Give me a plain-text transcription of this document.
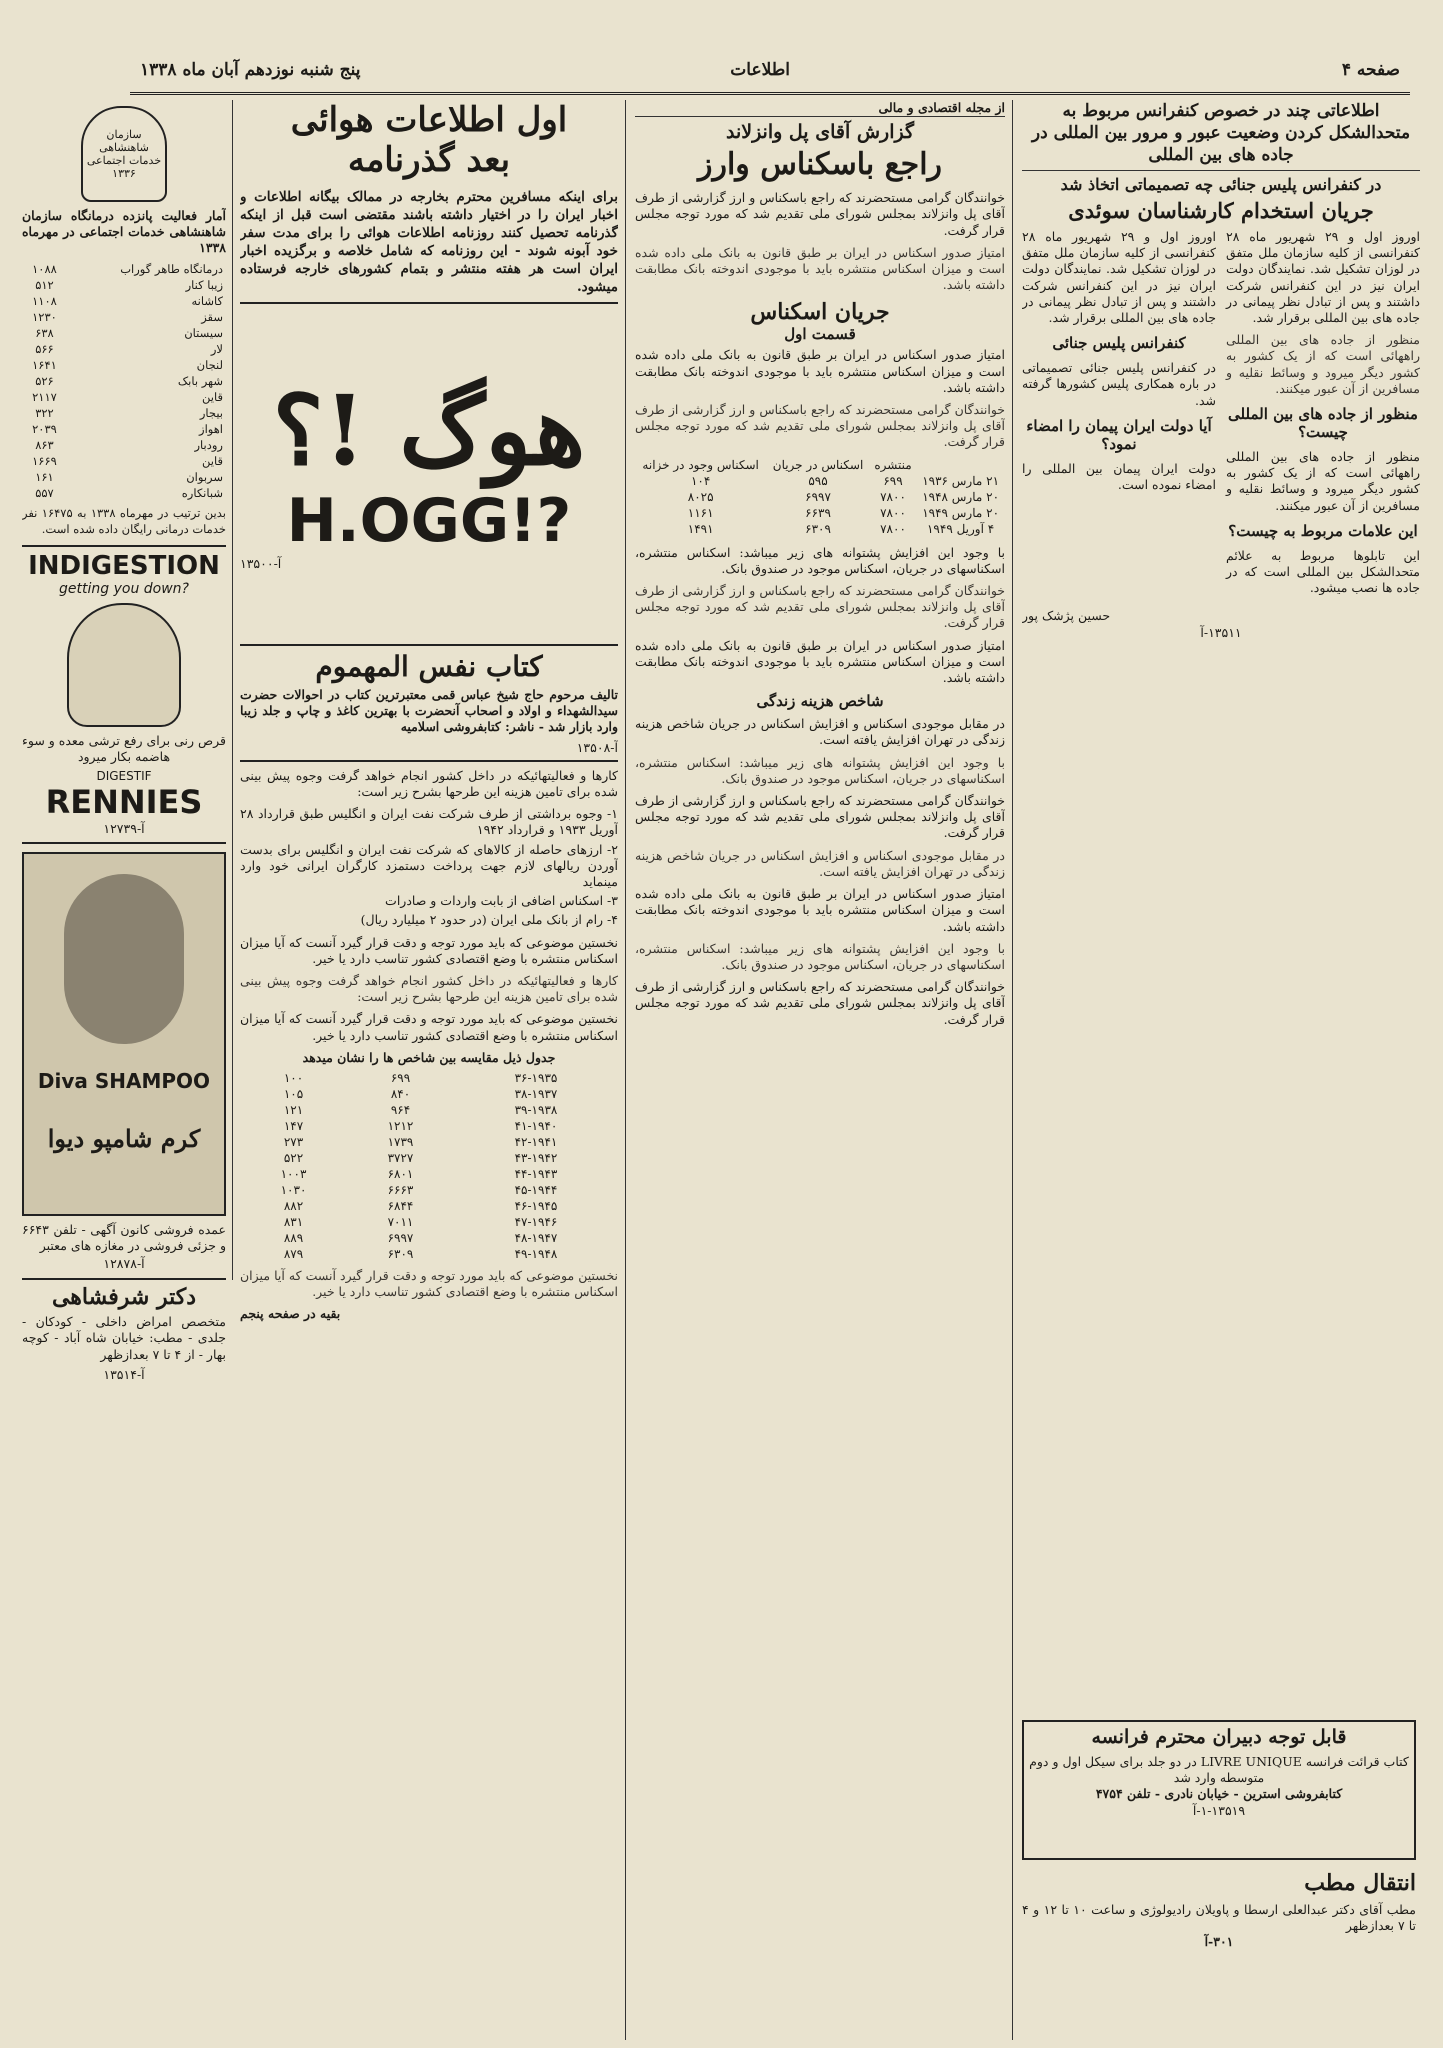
صفحه ۴
اطلاعات
پنج شنبه نوزدهم آبان ماه ۱۳۳۸
اطلاعاتی چند در خصوص کنفرانس مربوط به متحدالشکل کردن وضعیت عبور و مرور بین المللی در جاده های بین المللی
در کنفرانس پلیس جنائی چه تصمیماتی اتخاذ شد
جریان استخدام کارشناسان سوئدی

اوروز اول و ۲۹ شهریور ماه ۲۸ کنفرانسی از کلیه سازمان ملل متفق در لوزان تشکیل شد. نمایندگان دولت ایران نیز در این کنفرانس شرکت داشتند و پس از تبادل نظر پیمانی در جاده های بین المللی برقرار شد.

منظور از جاده های بین المللی راههائی است که از یک کشور به کشور دیگر میرود و وسائط نقلیه و مسافرین از آن عبور میکنند.

منظور از جاده های بین المللی چیست؟

منظور از جاده های بین المللی راههائی است که از یک کشور به کشور دیگر میرود و وسائط نقلیه و مسافرین از آن عبور میکنند.

این علامات مربوط به چیست؟

این تابلوها مربوط به علائم متحدالشکل بین المللی است که در جاده ها نصب میشود.

اوروز اول و ۲۹ شهریور ماه ۲۸ کنفرانسی از کلیه سازمان ملل متفق در لوزان تشکیل شد. نمایندگان دولت ایران نیز در این کنفرانس شرکت داشتند و پس از تبادل نظر پیمانی در جاده های بین المللی برقرار شد.

کنفرانس پلیس جنائی

در کنفرانس پلیس جنائی تصمیماتی در باره همکاری پلیس کشورها گرفته شد.

آیا دولت ایران پیمان را امضاء نمود؟

دولت ایران پیمان بین المللی را امضاء نموده است.

حسین پژشک پور
۱۳۵۱۱-آ
قابل توجه دبیران محترم فرانسه
کتاب قرائت فرانسه LIVRE UNIQUE در دو جلد برای سیکل اول و دوم متوسطه وارد شد
کتابفروشی استرین - خیابان نادری - تلفن ۴۷۵۴
۱-۱۳۵۱۹-آ
انتقال مطب
مطب آقای دکتر عبدالعلی ارسطا و پاویلان رادیولوژی و ساعت ۱۰ تا ۱۲ و ۴ تا ۷ بعدازظهر
۳۰۱-آ
از مجله اقتصادی و مالی
گزارش آقای پل وانزلاند
راجع باسکناس وارز

خوانندگان گرامی مستحضرند که راجع باسکناس و ارز گزارشی از طرف آقای پل وانزلاند بمجلس شورای ملی تقدیم شد که مورد توجه مجلس قرار گرفت.

امتیاز صدور اسکناس در ایران بر طبق قانون به بانک ملی داده شده است و میزان اسکناس منتشره باید با موجودی اندوخته بانک مطابقت داشته باشد.

جریان اسکناس
قسمت اول

امتیاز صدور اسکناس در ایران بر طبق قانون به بانک ملی داده شده است و میزان اسکناس منتشره باید با موجودی اندوخته بانک مطابقت داشته باشد.

خوانندگان گرامی مستحضرند که راجع باسکناس و ارز گزارشی از طرف آقای پل وانزلاند بمجلس شورای ملی تقدیم شد که مورد توجه مجلس قرار گرفت.

	منتشره	اسکناس در جریان	اسکناس وجود در خزانه
۲۱ مارس ۱۹۳۶	۶۹۹	۵۹۵	۱۰۴
۲۰ مارس ۱۹۴۸	۷۸۰۰	۶۹۹۷	۸۰۲۵
۲۰ مارس ۱۹۴۹	۷۸۰۰	۶۶۳۹	۱۱۶۱
۴ آوریل ۱۹۴۹	۷۸۰۰	۶۳۰۹	۱۴۹۱

با وجود این افزایش پشتوانه های زیر میباشد: اسکناس منتشره، اسکناسهای در جریان، اسکناس موجود در صندوق بانک.

خوانندگان گرامی مستحضرند که راجع باسکناس و ارز گزارشی از طرف آقای پل وانزلاند بمجلس شورای ملی تقدیم شد که مورد توجه مجلس قرار گرفت.

امتیاز صدور اسکناس در ایران بر طبق قانون به بانک ملی داده شده است و میزان اسکناس منتشره باید با موجودی اندوخته بانک مطابقت داشته باشد.

شاخص هزینه زندگی

در مقابل موجودی اسکناس و افزایش اسکناس در جریان شاخص هزینه زندگی در تهران افزایش یافته است.

با وجود این افزایش پشتوانه های زیر میباشد: اسکناس منتشره، اسکناسهای در جریان، اسکناس موجود در صندوق بانک.

خوانندگان گرامی مستحضرند که راجع باسکناس و ارز گزارشی از طرف آقای پل وانزلاند بمجلس شورای ملی تقدیم شد که مورد توجه مجلس قرار گرفت.

در مقابل موجودی اسکناس و افزایش اسکناس در جریان شاخص هزینه زندگی در تهران افزایش یافته است.

امتیاز صدور اسکناس در ایران بر طبق قانون به بانک ملی داده شده است و میزان اسکناس منتشره باید با موجودی اندوخته بانک مطابقت داشته باشد.

با وجود این افزایش پشتوانه های زیر میباشد: اسکناس منتشره، اسکناسهای در جریان، اسکناس موجود در صندوق بانک.

خوانندگان گرامی مستحضرند که راجع باسکناس و ارز گزارشی از طرف آقای پل وانزلاند بمجلس شورای ملی تقدیم شد که مورد توجه مجلس قرار گرفت.

اول اطلاعات هوائی
بعد گذرنامه

برای اینکه مسافرین محترم بخارجه در ممالک بیگانه اطلاعات و اخبار ایران را در اختیار داشته باشند مقتضی است قبل از اینکه گذرنامه تحصیل کنند روزنامه اطلاعات هوائی را برای مدت سفر خود آبونه شوند - این روزنامه که شامل خلاصه و برگزیده اخبار ایران است هر هفته منتشر و بتمام کشورهای خارجه فرستاده میشود.

هوگ !؟
H.OGG!?
آ-۱۳۵۰۰
کتاب نفس المهموم

تالیف مرحوم حاج شیخ عباس قمی معتبرترین کتاب در احوالات حضرت سیدالشهداء و اولاد و اصحاب آنحضرت با بهترین کاغذ و چاپ و جلد زیبا وارد بازار شد - ناشر: کتابفروشی اسلامیه

آ-۱۳۵۰۸

کارها و فعالیتهائیکه در داخل کشور انجام خواهد گرفت وجوه پیش بینی شده برای تامین هزینه این طرحها بشرح زیر است:

۱- وجوه برداشتی از طرف شرکت نفت ایران و انگلیس طبق قرارداد ۲۸ آوریل ۱۹۳۳ و قرارداد ۱۹۴۲

۲- ارزهای حاصله از کالاهای که شرکت نفت ایران و انگلیس برای بدست آوردن ریالهای لازم جهت پرداخت دستمزد کارگران ایرانی خود وارد مینماید

۳- اسکناس اضافی از بابت واردات و صادرات

۴- رام از بانک ملی ایران (در حدود ۲ میلیارد ریال)

نخستین موضوعی که باید مورد توجه و دقت قرار گیرد آنست که آیا میزان اسکناس منتشره با وضع اقتصادی کشور تناسب دارد یا خیر.

کارها و فعالیتهائیکه در داخل کشور انجام خواهد گرفت وجوه پیش بینی شده برای تامین هزینه این طرحها بشرح زیر است:

نخستین موضوعی که باید مورد توجه و دقت قرار گیرد آنست که آیا میزان اسکناس منتشره با وضع اقتصادی کشور تناسب دارد یا خیر.

جدول ذیل مقایسه بین شاخص ها را نشان میدهد
۳۶-۱۹۳۵	۶۹۹	۱۰۰
۳۸-۱۹۳۷	۸۴۰	۱۰۵
۳۹-۱۹۳۸	۹۶۴	۱۲۱
۴۱-۱۹۴۰	۱۲۱۲	۱۴۷
۴۲-۱۹۴۱	۱۷۳۹	۲۷۳
۴۳-۱۹۴۲	۳۷۲۷	۵۲۲
۴۴-۱۹۴۳	۶۸۰۱	۱۰۰۳
۴۵-۱۹۴۴	۶۶۶۳	۱۰۳۰
۴۶-۱۹۴۵	۶۸۴۴	۸۸۲
۴۷-۱۹۴۶	۷۰۱۱	۸۳۱
۴۸-۱۹۴۷	۶۹۹۷	۸۸۹
۴۹-۱۹۴۸	۶۳۰۹	۸۷۹

نخستین موضوعی که باید مورد توجه و دقت قرار گیرد آنست که آیا میزان اسکناس منتشره با وضع اقتصادی کشور تناسب دارد یا خیر.

بقیه در صفحه پنجم
سازمان شاهنشاهی خدمات اجتماعی ۱۳۳۶

آمار فعالیت پانزده درمانگاه سازمان شاهنشاهی خدمات اجتماعی در مهرماه ۱۳۳۸

درمانگاه طاهر گوراب	۱۰۸۸
زیبا کنار	۵۱۲
کاشانه	۱۱۰۸
سقز	۱۲۳۰
سیستان	۶۳۸
لار	۵۶۶
لنجان	۱۶۴۱
شهر بابک	۵۲۶
قاین	۲۱۱۷
بیجار	۳۲۲
اهواز	۲۰۳۹
رودبار	۸۶۳
قاین	۱۶۶۹
سربوان	۱۶۱
شبانکاره	۵۵۷

بدین ترتیب در مهرماه ۱۳۳۸ به ۱۶۴۷۵ نفر خدمات درمانی رایگان داده شده است.

INDIGESTION
getting you down?

قرص رنی برای رفع ترشی معده و سوء هاضمه بکار میرود

DIGESTIF
RENNIES
آ-۱۲۷۳۹
Diva SHAMPOO
کرم شامپو دیوا

عمده فروشی کانون آگهی - تلفن ۶۶۴۳ و جزئی فروشی در مغازه های معتبر

آ-۱۲۸۷۸
دکتر شرفشاهی

متخصص امراض داخلی - کودکان - جلدی - مطب: خیابان شاه آباد - کوچه بهار - از ۴ تا ۷ بعدازظهر

آ-۱۳۵۱۴
